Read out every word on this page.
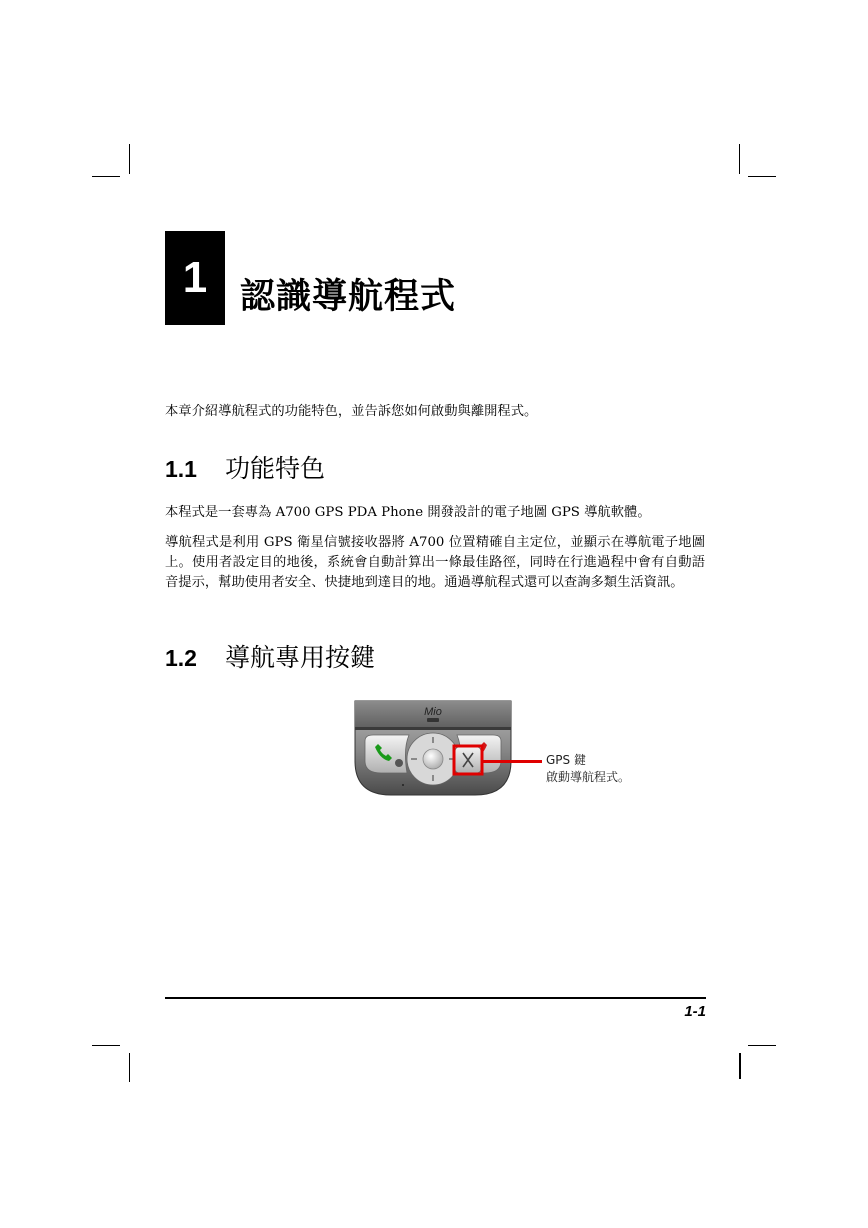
1 認識導航程式

本章介紹導航程式的功能特色，並告訴您如何啟動與離開程式。

1.1 功能特色

本程式是一套專為 A700 GPS PDA Phone 開發設計的電子地圖 GPS 導航軟體。

導航程式是利用 GPS 衛星信號接收器將 A700 位置精確自主定位，並顯示在導航電子地圖上。使用者設定目的地後，系統會自動計算出一條最佳路徑，同時在行進過程中會有自動語音提示，幫助使用者安全、快捷地到達目的地。通過導航程式還可以查詢多類生活資訊。

1.2 導航專用按鍵
Mio
GPS 鍵
啟動導航程式。
1-1
